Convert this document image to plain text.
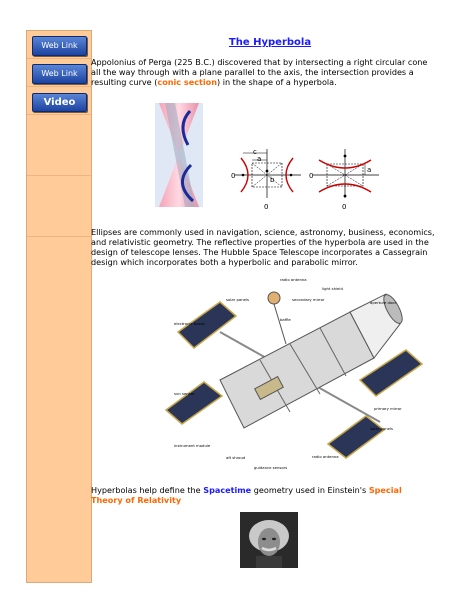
Web Link
Web Link
Video
The Hyperbola
Appolonius of Perga (225 B.C.) discovered that by intersecting a right circular cone all the way through with a plane parallel to the axis, the intersection provides a resulting curve (conic section) in the shape of a hyperbola.
c
a
b
0
0
a
0
0
Ellipses are commonly used in navigation, science, astronomy, business, economics, and relativistic geometry. The reflective properties of the hyperbola are used in the design of telescope lenses. The Hubble Space Telescope incorporates a Cassegrain design which incorporates both a hyperbolic and parabolic mirror.
radio antenna
light shield
solar panels	secondary mirror
aperture door
baffle
electronic boxes
sun sensor
primary mirror
solar panels
instrument module
aft shroud
guidance sensors
radio antenna
Hyperbolas help define the Spacetime geometry used in Einstein's Special Theory of Relativity
